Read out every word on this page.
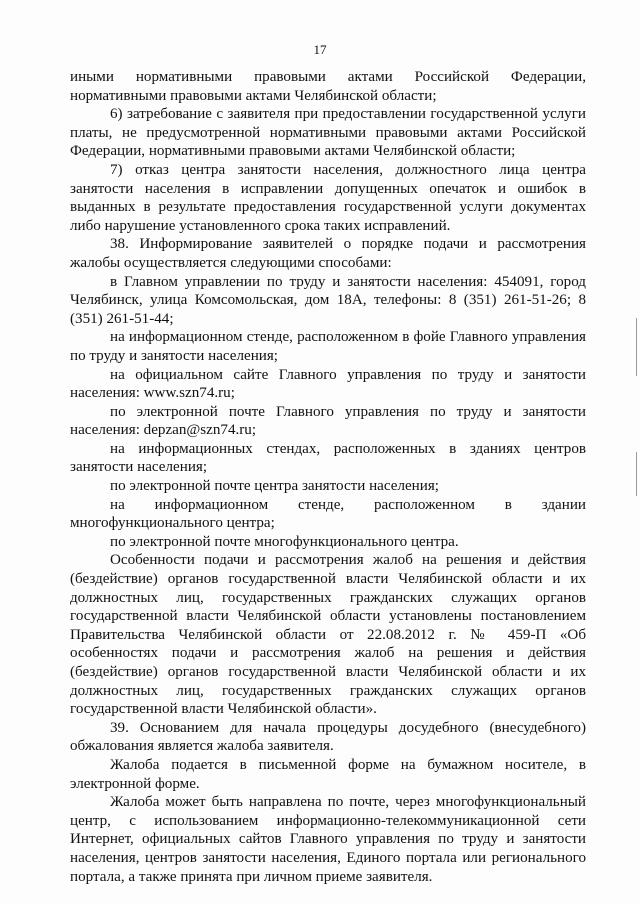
17

иными нормативными правовыми актами Российской Федерации, нормативными правовыми актами Челябинской области;

6) затребование с заявителя при предоставлении государственной услуги платы, не предусмотренной нормативными правовыми актами Российской Федерации, нормативными правовыми актами Челябинской области;

7) отказ центра занятости населения, должностного лица центра занятости населения в исправлении допущенных опечаток и ошибок в выданных в результате предоставления государственной услуги документах либо нарушение установленного срока таких исправлений.

38. Информирование заявителей о порядке подачи и рассмотрения жалобы осуществляется следующими способами:

в Главном управлении по труду и занятости населения: 454091, город Челябинск, улица Комсомольская, дом 18А, телефоны: 8 (351) 261-51-26; 8 (351) 261-51-44;

на информационном стенде, расположенном в фойе Главного управления по труду и занятости населения;

на официальном сайте Главного управления по труду и занятости населения: www.szn74.ru;

по электронной почте Главного управления по труду и занятости населения: depzan@szn74.ru;

на информационных стендах, расположенных в зданиях центров занятости населения;

по электронной почте центра занятости населения;

на информационном стенде, расположенном в здании многофункционального центра;

по электронной почте многофункционального центра.

Особенности подачи и рассмотрения жалоб на решения и действия (бездействие) органов государственной власти Челябинской области и их должностных лиц, государственных гражданских служащих органов государственной власти Челябинской области установлены постановлением Правительства Челябинской области от 22.08.2012 г. № 459-П «Об особенностях подачи и рассмотрения жалоб на решения и действия (бездействие) органов государственной власти Челябинской области и их должностных лиц, государственных гражданских служащих органов государственной власти Челябинской области».

39. Основанием для начала процедуры досудебного (внесудебного) обжалования является жалоба заявителя.

Жалоба подается в письменной форме на бумажном носителе, в электронной форме.

Жалоба может быть направлена по почте, через многофункциональный центр, с использованием информационно-телекоммуникационной сети Интернет, официальных сайтов Главного управления по труду и занятости населения, центров занятости населения, Единого портала или регионального портала, а также принята при личном приеме заявителя.
